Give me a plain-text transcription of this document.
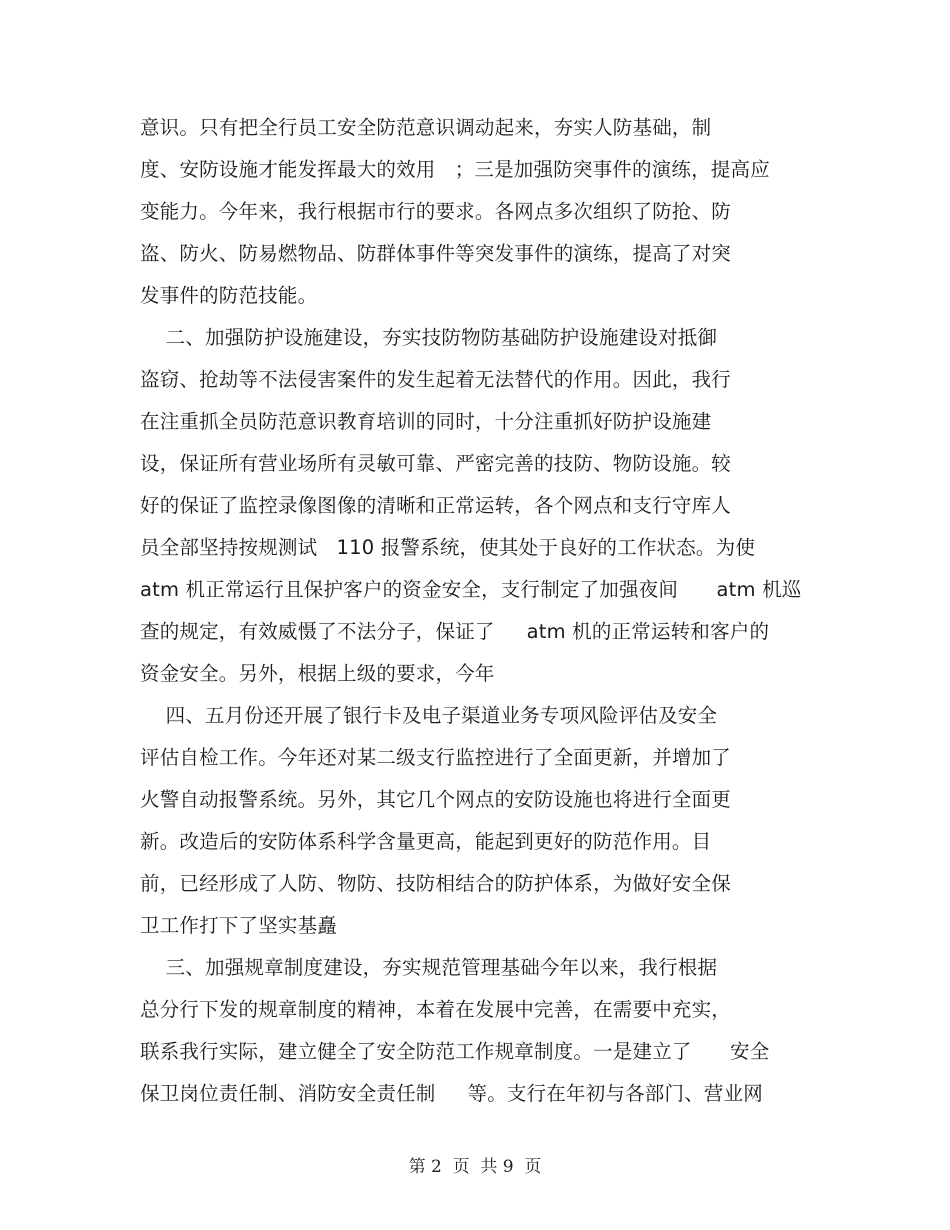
意识。只有把全行员工安全防范意识调动起来，夯实人防基础，制
度、安防设施才能发挥最大的效用   ；三是加强防突事件的演练，提高应
变能力。今年来，我行根据市行的要求。各网点多次组织了防抢、防
盗、防火、防易燃物品、防群体事件等突发事件的演练，提高了对突
发事件的防范技能。
二、加强防护设施建设，夯实技防物防基础防护设施建设对抵御
盗窃、抢劫等不法侵害案件的发生起着无法替代的作用。因此，我行
在注重抓全员防范意识教育培训的同时，十分注重抓好防护设施建
设，保证所有营业场所有灵敏可靠、严密完善的技防、物防设施。较
好的保证了监控录像图像的清晰和正常运转，各个网点和支行守库人
员全部坚持按规测试   110 报警系统，使其处于良好的工作状态。为使
atm 机正常运行且保护客户的资金安全，支行制定了加强夜间      atm 机巡
查的规定，有效威慑了不法分子，保证了     atm 机的正常运转和客户的
资金安全。另外，根据上级的要求，今年
四、五月份还开展了银行卡及电子渠道业务专项风险评估及安全
评估自检工作。今年还对某二级支行监控进行了全面更新，并增加了
火警自动报警系统。另外，其它几个网点的安防设施也将进行全面更
新。改造后的安防体系科学含量更高，能起到更好的防范作用。目
前，已经形成了人防、物防、技防相结合的防护体系，为做好安全保
卫工作打下了坚实基矗
三、加强规章制度建设，夯实规范管理基础今年以来，我行根据
总分行下发的规章制度的精神，本着在发展中完善，在需要中充实，
联系我行实际，建立健全了安全防范工作规章制度。一是建立了      安全
保卫岗位责任制、消防安全责任制     等。支行在年初与各部门、营业网
第 2  页  共 9  页
